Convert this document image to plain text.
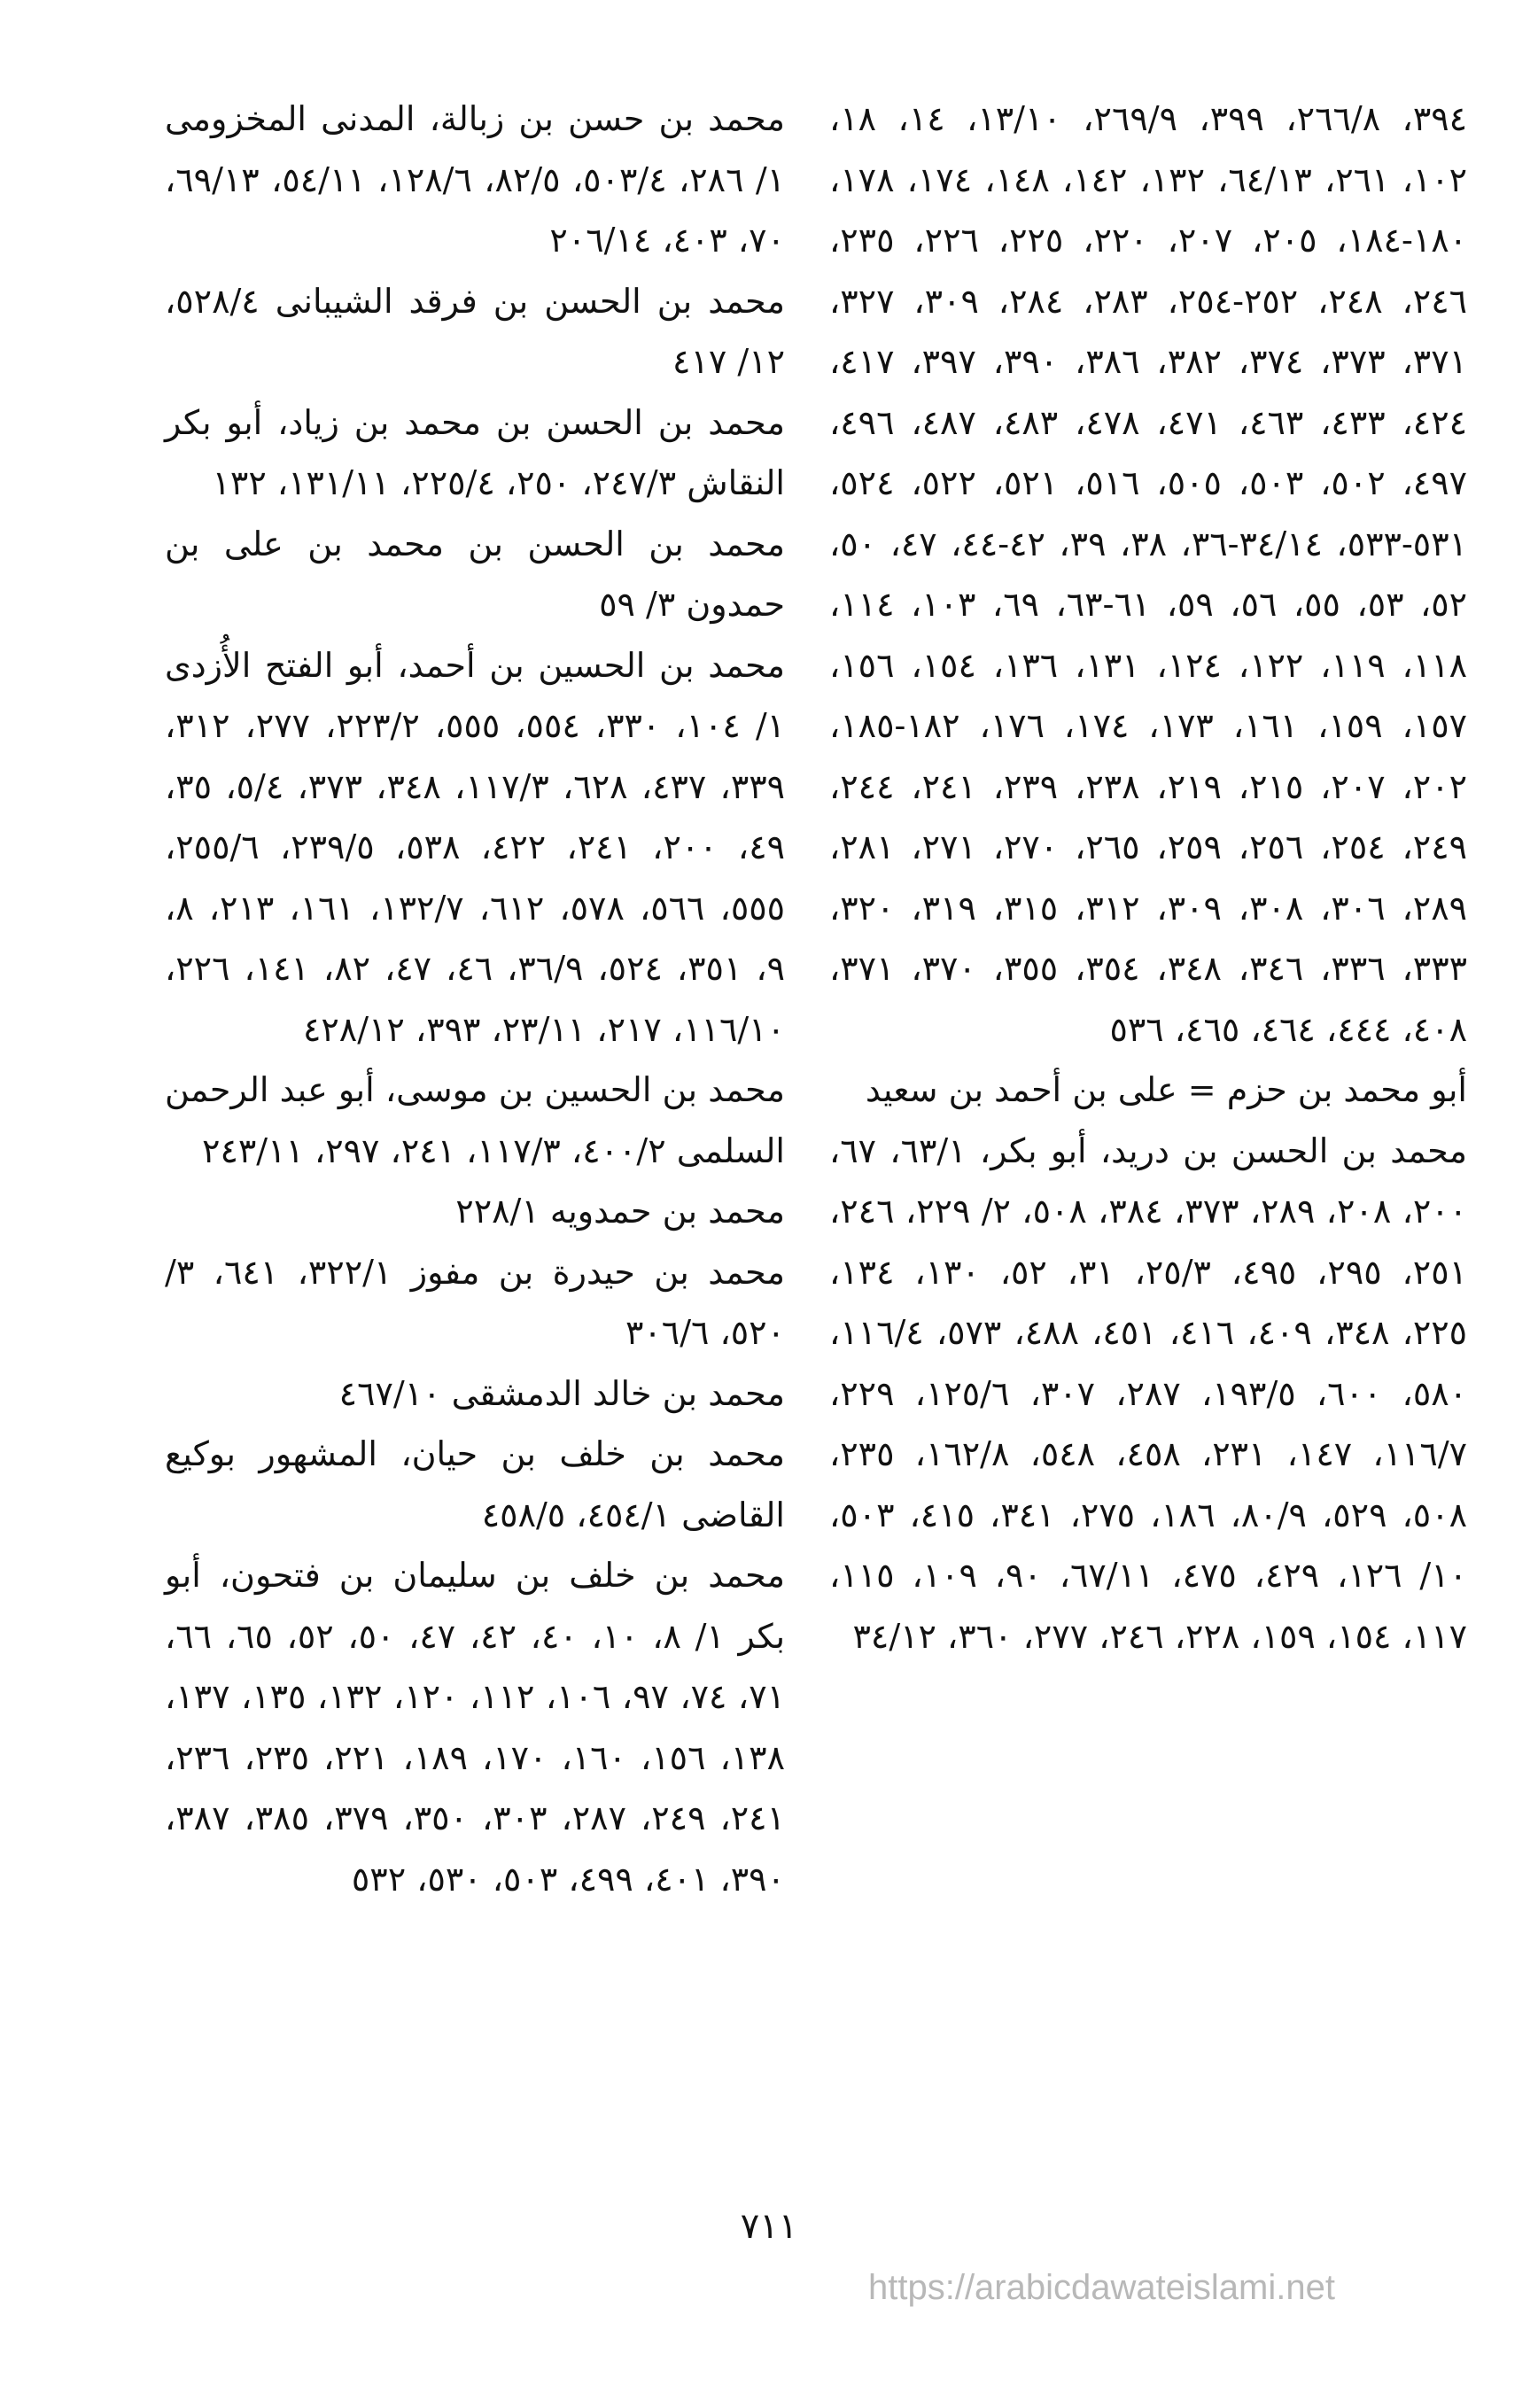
٣٩٤، ٢٦٦/٨، ٣٩٩، ٢٦٩/٩، ١٣/١٠، ١٤، ١٨، ١٠٢، ٢٦١، ٦٤/١٣، ١٣٢، ١٤٢، ١٤٨، ١٧٤، ١٧٨، ١٨٠-١٨٤، ٢٠٥، ٢٠٧، ٢٢٠، ٢٢٥، ٢٢٦، ٢٣٥، ٢٤٦، ٢٤٨، ٢٥٢-٢٥٤، ٢٨٣، ٢٨٤، ٣٠٩، ٣٢٧، ٣٧١، ٣٧٣، ٣٧٤، ٣٨٢، ٣٨٦، ٣٩٠، ٣٩٧، ٤١٧، ٤٢٤، ٤٣٣، ٤٦٣، ٤٧١، ٤٧٨، ٤٨٣، ٤٨٧، ٤٩٦، ٤٩٧، ٥٠٢، ٥٠٣، ٥٠٥، ٥١٦، ٥٢١، ٥٢٢، ٥٢٤، ٥٣١-٥٣٣، ٣٤/١٤-٣٦، ٣٨، ٣٩، ٤٢-٤٤، ٤٧، ٥٠، ٥٢، ٥٣، ٥٥، ٥٦، ٥٩، ٦١-٦٣، ٦٩، ١٠٣، ١١٤، ١١٨، ١١٩، ١٢٢، ١٢٤، ١٣١، ١٣٦، ١٥٤، ١٥٦، ١٥٧، ١٥٩، ١٦١، ١٧٣، ١٧٤، ١٧٦، ١٨٢-١٨٥، ٢٠٢، ٢٠٧، ٢١٥، ٢١٩، ٢٣٨، ٢٣٩، ٢٤١، ٢٤٤، ٢٤٩، ٢٥٤، ٢٥٦، ٢٥٩، ٢٦٥، ٢٧٠، ٢٧١، ٢٨١، ٢٨٩، ٣٠٦، ٣٠٨، ٣٠٩، ٣١٢، ٣١٥، ٣١٩، ٣٢٠، ٣٣٣، ٣٣٦، ٣٤٦، ٣٤٨، ٣٥٤، ٣٥٥، ٣٧٠، ٣٧١، ٤٠٨، ٤٤٤، ٤٦٤، ٤٦٥، ٥٣٦

أبو محمد بن حزم = على بن أحمد بن سعيد

محمد بن الحسن بن دريد، أبو بكر، ٦٣/١، ٦٧، ٢٠٠، ٢٠٨، ٢٨٩، ٣٧٣، ٣٨٤، ٥٠٨، ٢/ ٢٢٩، ٢٤٦، ٢٥١، ٢٩٥، ٤٩٥، ٢٥/٣، ٣١، ٥٢، ١٣٠، ١٣٤، ٢٢٥، ٣٤٨، ٤٠٩، ٤١٦، ٤٥١، ٤٨٨، ٥٧٣، ١١٦/٤، ٥٨٠، ٦٠٠، ١٩٣/٥، ٢٨٧، ٣٠٧، ١٢٥/٦، ٢٢٩، ١١٦/٧، ١٤٧، ٢٣١، ٤٥٨، ٥٤٨، ١٦٢/٨، ٢٣٥، ٥٠٨، ٥٢٩، ٨٠/٩، ١٨٦، ٢٧٥، ٣٤١، ٤١٥، ٥٠٣، ١٠/ ١٢٦، ٤٢٩، ٤٧٥، ٦٧/١١، ٩٠، ١٠٩، ١١٥، ١١٧، ١٥٤، ١٥٩، ٢٢٨، ٢٤٦، ٢٧٧، ٣٦٠، ٣٤/١٢

محمد بن حسن بن زبالة، المدنى المخزومى ١/ ٢٨٦، ٥٠٣/٤، ٨٢/٥، ١٢٨/٦، ٥٤/١١، ٦٩/١٣، ٧٠، ٤٠٣، ٢٠٦/١٤

محمد بن الحسن بن فرقد الشيبانى ٥٢٨/٤، ١٢/ ٤١٧

محمد بن الحسن بن محمد بن زياد، أبو بكر النقاش ٢٤٧/٣، ٢٥٠، ٢٢٥/٤، ١٣١/١١، ١٣٢

محمد بن الحسن بن محمد بن على بن حمدون ٣/ ٥٩

محمد بن الحسين بن أحمد، أبو الفتح الأُزدى ١/ ١٠٤، ٣٣٠، ٥٥٤، ٥٥٥، ٢٢٣/٢، ٢٧٧، ٣١٢، ٣٣٩، ٤٣٧، ٦٢٨، ١١٧/٣، ٣٤٨، ٣٧٣، ٥/٤، ٣٥، ٤٩، ٢٠٠، ٢٤١، ٤٢٢، ٥٣٨، ٢٣٩/٥، ٢٥٥/٦، ٥٥٥، ٥٦٦، ٥٧٨، ٦١٢، ١٣٢/٧، ١٦١، ٢١٣، ٨، ٩، ٣٥١، ٥٢٤، ٣٦/٩، ٤٦، ٤٧، ٨٢، ١٤١، ٢٢٦، ١١٦/١٠، ٢١٧، ٢٣/١١، ٣٩٣، ٤٢٨/١٢

محمد بن الحسين بن موسى، أبو عبد الرحمن السلمى ٤٠٠/٢، ١١٧/٣، ٢٤١، ٢٩٧، ٢٤٣/١١

محمد بن حمدويه ٢٢٨/١

محمد بن حيدرة بن مفوز ٣٢٢/١، ٦٤١، ٣/ ٥٢٠، ٣٠٦/٦

محمد بن خالد الدمشقى ٤٦٧/١٠

محمد بن خلف بن حيان، المشهور بوكيع القاضى ٤٥٤/١، ٤٥٨/٥

محمد بن خلف بن سليمان بن فتحون، أبو بكر ١/ ٨، ١٠، ٤٠، ٤٢، ٤٧، ٥٠، ٥٢، ٦٥، ٦٦، ٧١، ٧٤، ٩٧، ١٠٦، ١١٢، ١٢٠، ١٣٢، ١٣٥، ١٣٧، ١٣٨، ١٥٦، ١٦٠، ١٧٠، ١٨٩، ٢٢١، ٢٣٥، ٢٣٦، ٢٤١، ٢٤٩، ٢٨٧، ٣٠٣، ٣٥٠، ٣٧٩، ٣٨٥، ٣٨٧، ٣٩٠، ٤٠١، ٤٩٩، ٥٠٣، ٥٣٠، ٥٣٢

٧١١
https://arabicdawateislami.net
